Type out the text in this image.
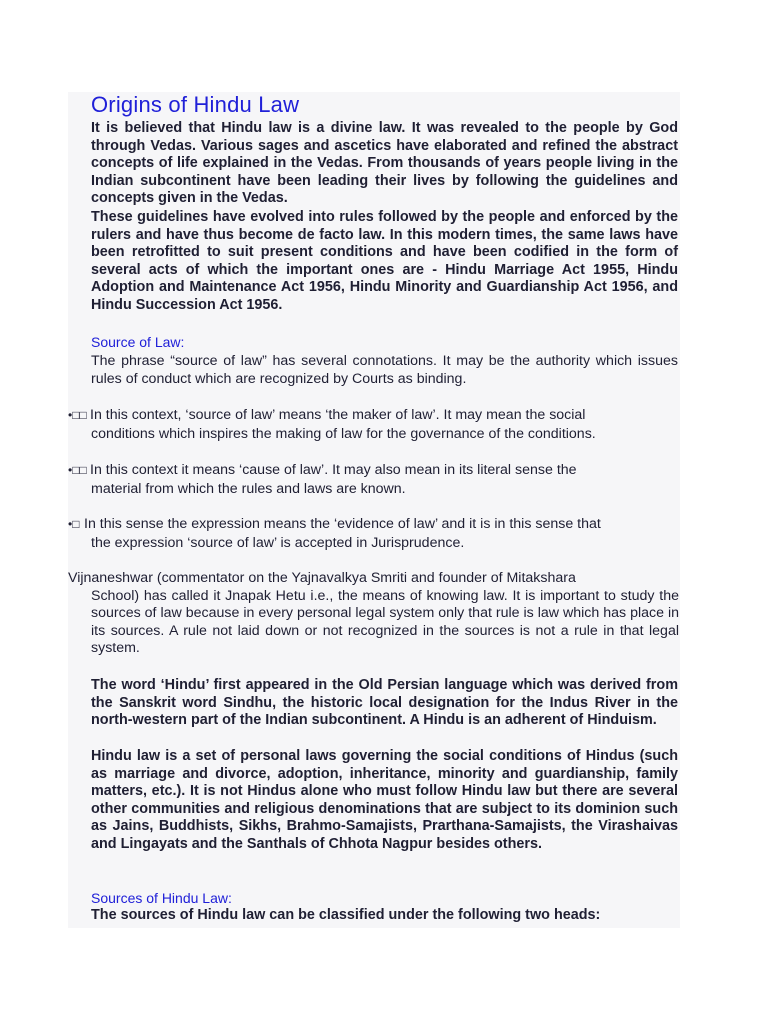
Origins of Hindu Law
It is believed that Hindu law is a divine law. It was revealed to the people by God through Vedas. Various sages and ascetics have elaborated and refined the abstract concepts of life explained in the Vedas. From thousands of years people living in the Indian subcontinent have been leading their lives by following the guidelines and concepts given in the Vedas.
These guidelines have evolved into rules followed by the people and enforced by the rulers and have thus become de facto law. In this modern times, the same laws have been retrofitted to suit present conditions and have been codified in the form of several acts of which the important ones are - Hindu Marriage Act 1955, Hindu Adoption and Maintenance Act 1956, Hindu Minority and Guardianship Act 1956, and Hindu Succession Act 1956.
Source of Law:
The phrase “source of law” has several connotations. It may be the authority which issues rules of conduct which are recognized by Courts as binding.
•□□ In this context, ‘source of law’ means ‘the maker of law’. It may mean the social
conditions which inspires the making of law for the governance of the conditions.
•□□ In this context it means ‘cause of law’. It may also mean in its literal sense the
material from which the rules and laws are known.
•□ In this sense the expression means the ‘evidence of law’ and it is in this sense that
the expression ‘source of law’ is accepted in Jurisprudence.
Vijnaneshwar (commentator on the Yajnavalkya Smriti and founder of Mitakshara
School) has called it Jnapak Hetu i.e., the means of knowing law. It is important to study the sources of law because in every personal legal system only that rule is law which has place in its sources. A rule not laid down or not recognized in the sources is not a rule in that legal system.
The word ‘Hindu’ first appeared in the Old Persian language which was derived from the Sanskrit word Sindhu, the historic local designation for the Indus River in the north-western part of the Indian subcontinent. A Hindu is an adherent of Hinduism.
Hindu law is a set of personal laws governing the social conditions of Hindus (such as marriage and divorce, adoption, inheritance, minority and guardianship, family matters, etc.). It is not Hindus alone who must follow Hindu law but there are several other communities and religious denominations that are subject to its dominion such as Jains, Buddhists, Sikhs, Brahmo-Samajists, Prarthana-Samajists, the Virashaivas and Lingayats and the Santhals of Chhota Nagpur besides others.
Sources of Hindu Law:
The sources of Hindu law can be classified under the following two heads:
